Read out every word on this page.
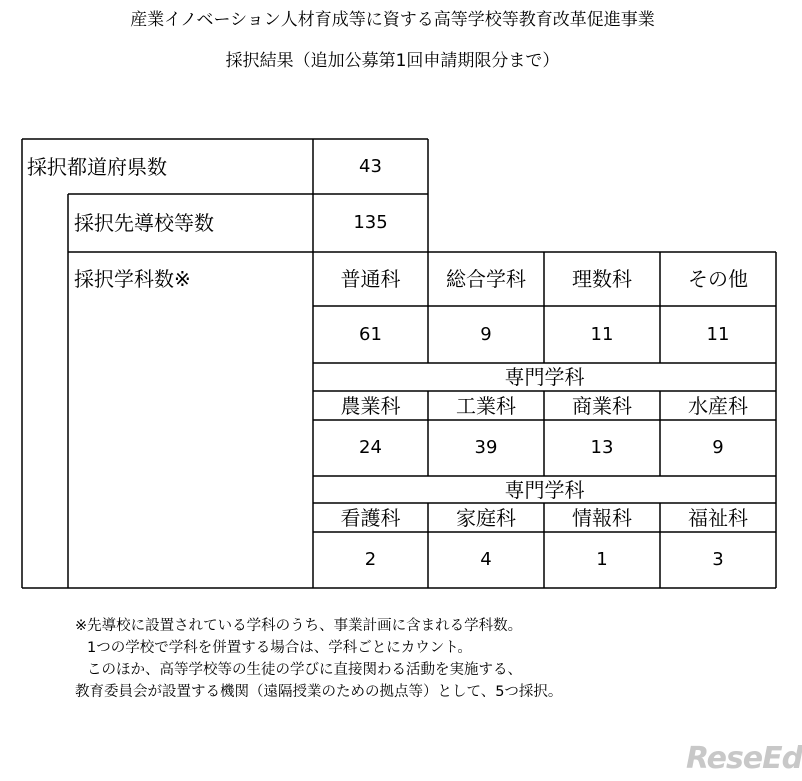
産業イノベーション人材育成等に資する高等学校等教育改革促進事業
採択結果（追加公募第1回申請期限分まで）
採択都道府県数	43
採択先導校等数	135
採択学科数※	普通科	総合学科	理数科	その他
61	9	11	11
専門学科
農業科	工業科	商業科	水産科
24	39	13	9
専門学科
看護科	家庭科	情報科	福祉科
2	4	1	3
※先導校に設置されている学科のうち、事業計画に含まれる学科数。
1つの学校で学科を併置する場合は、学科ごとにカウント。
このほか、高等学校等の生徒の学びに直接関わる活動を実施する、
教育委員会が設置する機関（遠隔授業のための拠点等）として、5つ採択。
ReseEd
